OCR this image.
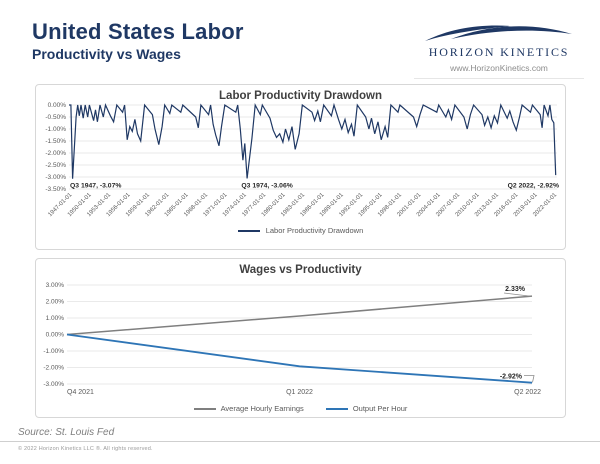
United States Labor
Productivity vs Wages	HORIZON KINETICS
www.HorizonKinetics.com
Labor Productivity Drawdown
0.00%
-0.50%
-1.00%
-1.50%
-2.00%
-2.50%
-3.00%
-3.50%
1947-01-01
1950-01-01
1953-01-01
1956-01-01
1959-01-01
1962-01-01
1965-01-01
1968-01-01
1971-01-01
1974-01-01
1977-01-01
1980-01-01
1983-01-01
1986-01-01
1989-01-01
1992-01-01
1995-01-01
1998-01-01
2001-01-01
2004-01-01
2007-01-01
2010-01-01
2013-01-01
2016-01-01
2019-01-01
2022-01-01
Q3 1947, -3.07%	Q3 1974, -3.06%	Q2 2022, -2.92%
Labor Productivity Drawdown
Wages vs Productivity
3.00%
2.00%
1.00%
0.00%
-1.00%
-2.00%
-3.00%
2.33%
-2.92%
Q4 2021	Q1 2022	Q2 2022
Average Hourly Earnings	Output Per Hour
Source: St. Louis Fed
© 2022 Horizon Kinetics LLC ®. All rights reserved.
